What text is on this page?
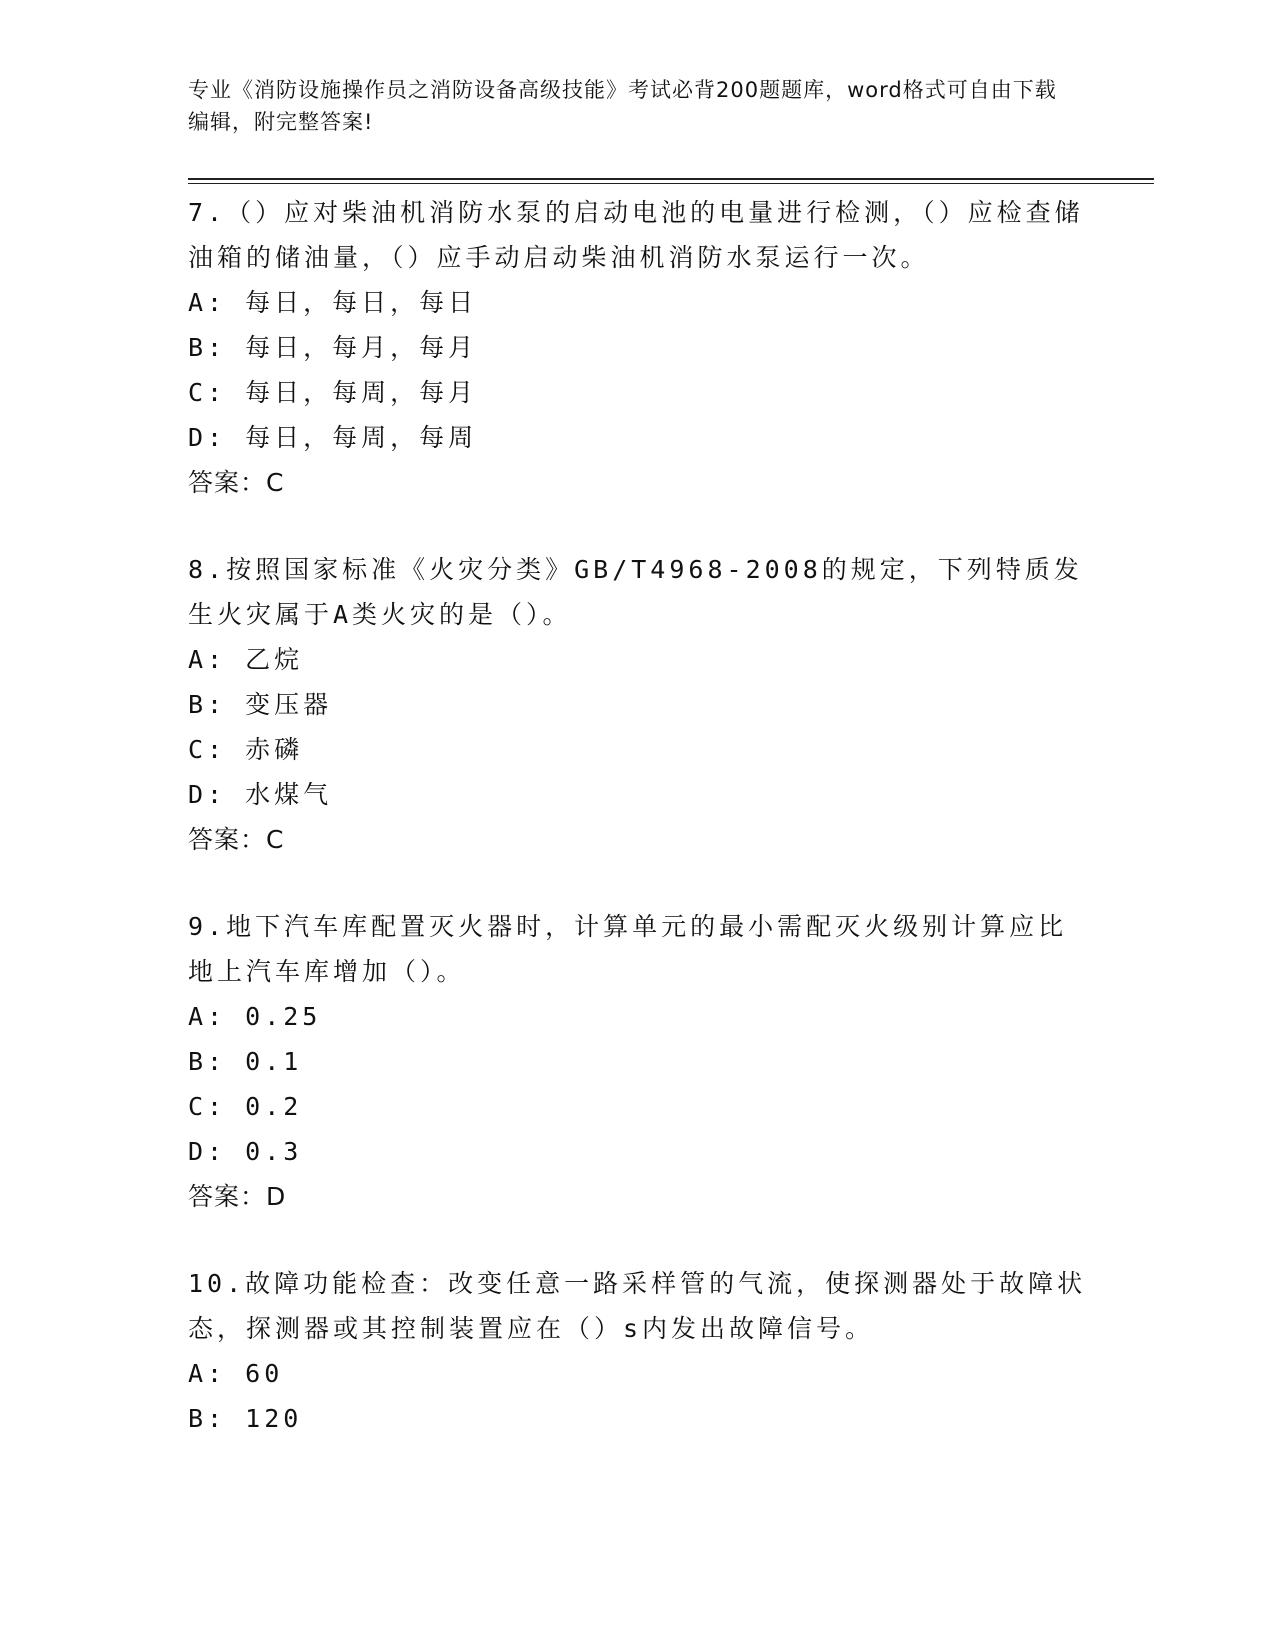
专业《消防设施操作员之消防设备高级技能》考试必背200题题库，word格式可自由下载编辑，附完整答案!

7.（）应对柴油机消防水泵的启动电池的电量进行检测，（）应检查储油箱的储油量，（）应手动启动柴油机消防水泵运行一次。

A: 每日，每日，每日
B: 每日，每月，每月
C: 每日，每周，每月
D: 每日，每周，每周
答案：C

8.按照国家标准《火灾分类》GB/T4968-2008的规定，下列特质发生火灾属于A类火灾的是（）。

A: 乙烷
B: 变压器
C: 赤磷
D: 水煤气
答案：C

9.地下汽车库配置灭火器时，计算单元的最小需配灭火级别计算应比地上汽车库增加（）。

A: 0.25
B: 0.1
C: 0.2
D: 0.3
答案：D

10.故障功能检查：改变任意一路采样管的气流，使探测器处于故障状态，探测器或其控制装置应在（）s内发出故障信号。

A: 60
B: 120
